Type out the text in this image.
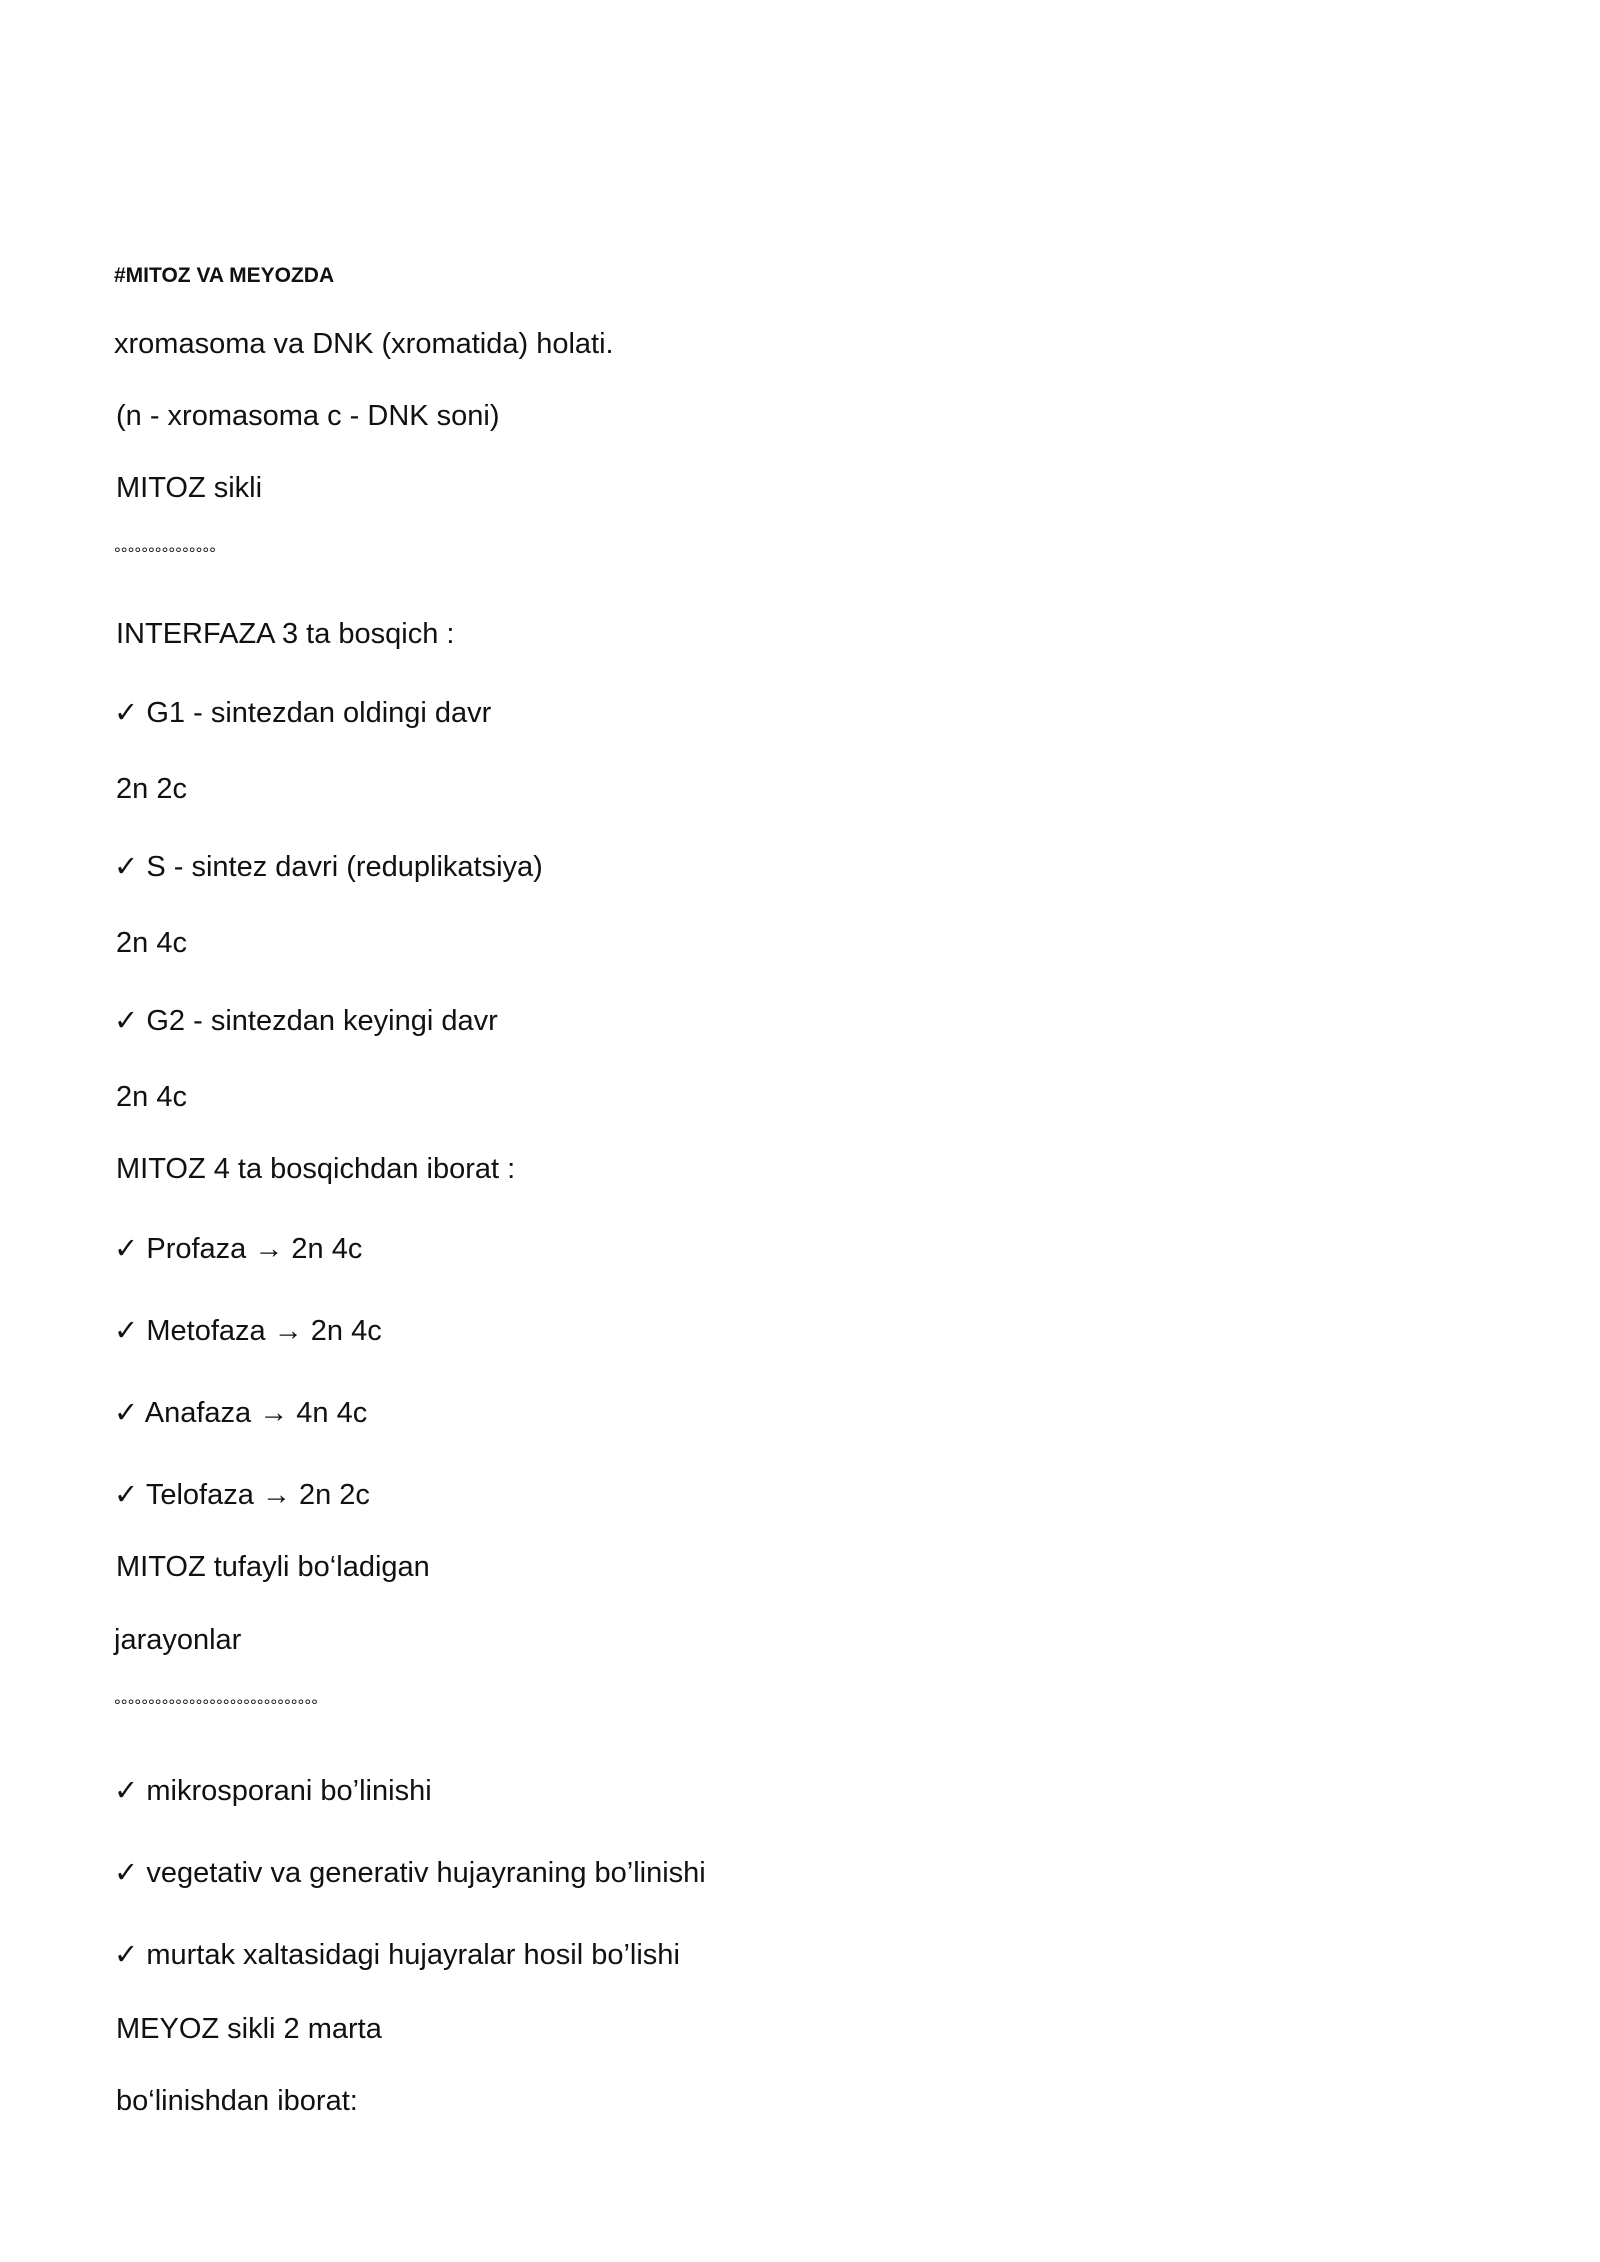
#MITOZ VA MEYOZDA
xromasoma va DNK (xromatida) holati.
(n - xromasoma c - DNK soni)
MITOZ sikli
°°°°°°°°°°°°°°°
INTERFAZA 3 ta bosqich :
✓ G1 - sintezdan oldingi davr
2n 2c
✓ S - sintez davri (reduplikatsiya)
2n 4c
✓ G2 - sintezdan keyingi davr
2n 4c
MITOZ 4 ta bosqichdan iborat :
✓ Profaza → 2n 4c
✓ Metofaza → 2n 4c
✓ Anafaza → 4n 4c
✓ Telofaza → 2n 2c
MITOZ tufayli bo‘ladigan
jarayonlar
°°°°°°°°°°°°°°°°°°°°°°°°°°°°°°
✓ mikrosporani bo’linishi
✓ vegetativ va generativ hujayraning bo’linishi
✓ murtak xaltasidagi hujayralar hosil bo’lishi
MEYOZ sikli 2 marta
bo‘linishdan iborat:
